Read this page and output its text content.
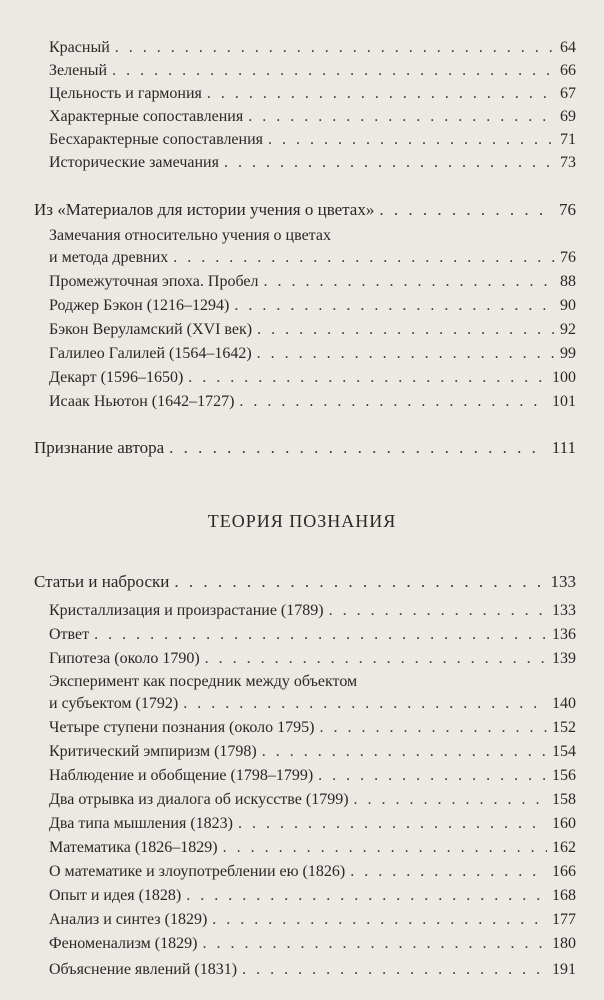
Красный . . .	64
Зеленый . . .	66
Цельность и гармония . . .	67
Характерные сопоставления . . .	69
Бесхарактерные сопоставления . . .	71
Исторические замечания . . .	73
Из «Материалов для истории учения о цветах» . . .	76
Замечания относительно учения о цветах
и метода древних . . .	76
Промежуточная эпоха. Пробел . . .	88
Роджер Бэкон (1216–1294) . . .	90
Бэкон Веруламский (XVI век) . . .	92
Галилео Галилей (1564–1642) . . .	99
Декарт (1596–1650) . . .	100
Исаак Ньютон (1642–1727) . . .	101
Признание автора . . .	111
ТЕОРИЯ ПОЗНАНИЯ
Статьи и наброски . . .	133
Кристаллизация и произрастание (1789) . . .	133
Ответ . . .	136
Гипотеза (около 1790) . . .	139
Эксперимент как посредник между объектом
и субъектом (1792) . . .	140
Четыре ступени познания (около 1795) . . .	152
Критический эмпиризм (1798) . . .	154
Наблюдение и обобщение (1798–1799) . . .	156
Два отрывка из диалога об искусстве (1799) . . .	158
Два типа мышления (1823) . . .	160
Математика (1826–1829) . . .	162
О математике и злоупотреблении ею (1826) . . .	166
Опыт и идея (1828) . . .	168
Анализ и синтез (1829) . . .	177
Феноменализм (1829) . . .	180
Объяснение явлений (1831) . . .	191
